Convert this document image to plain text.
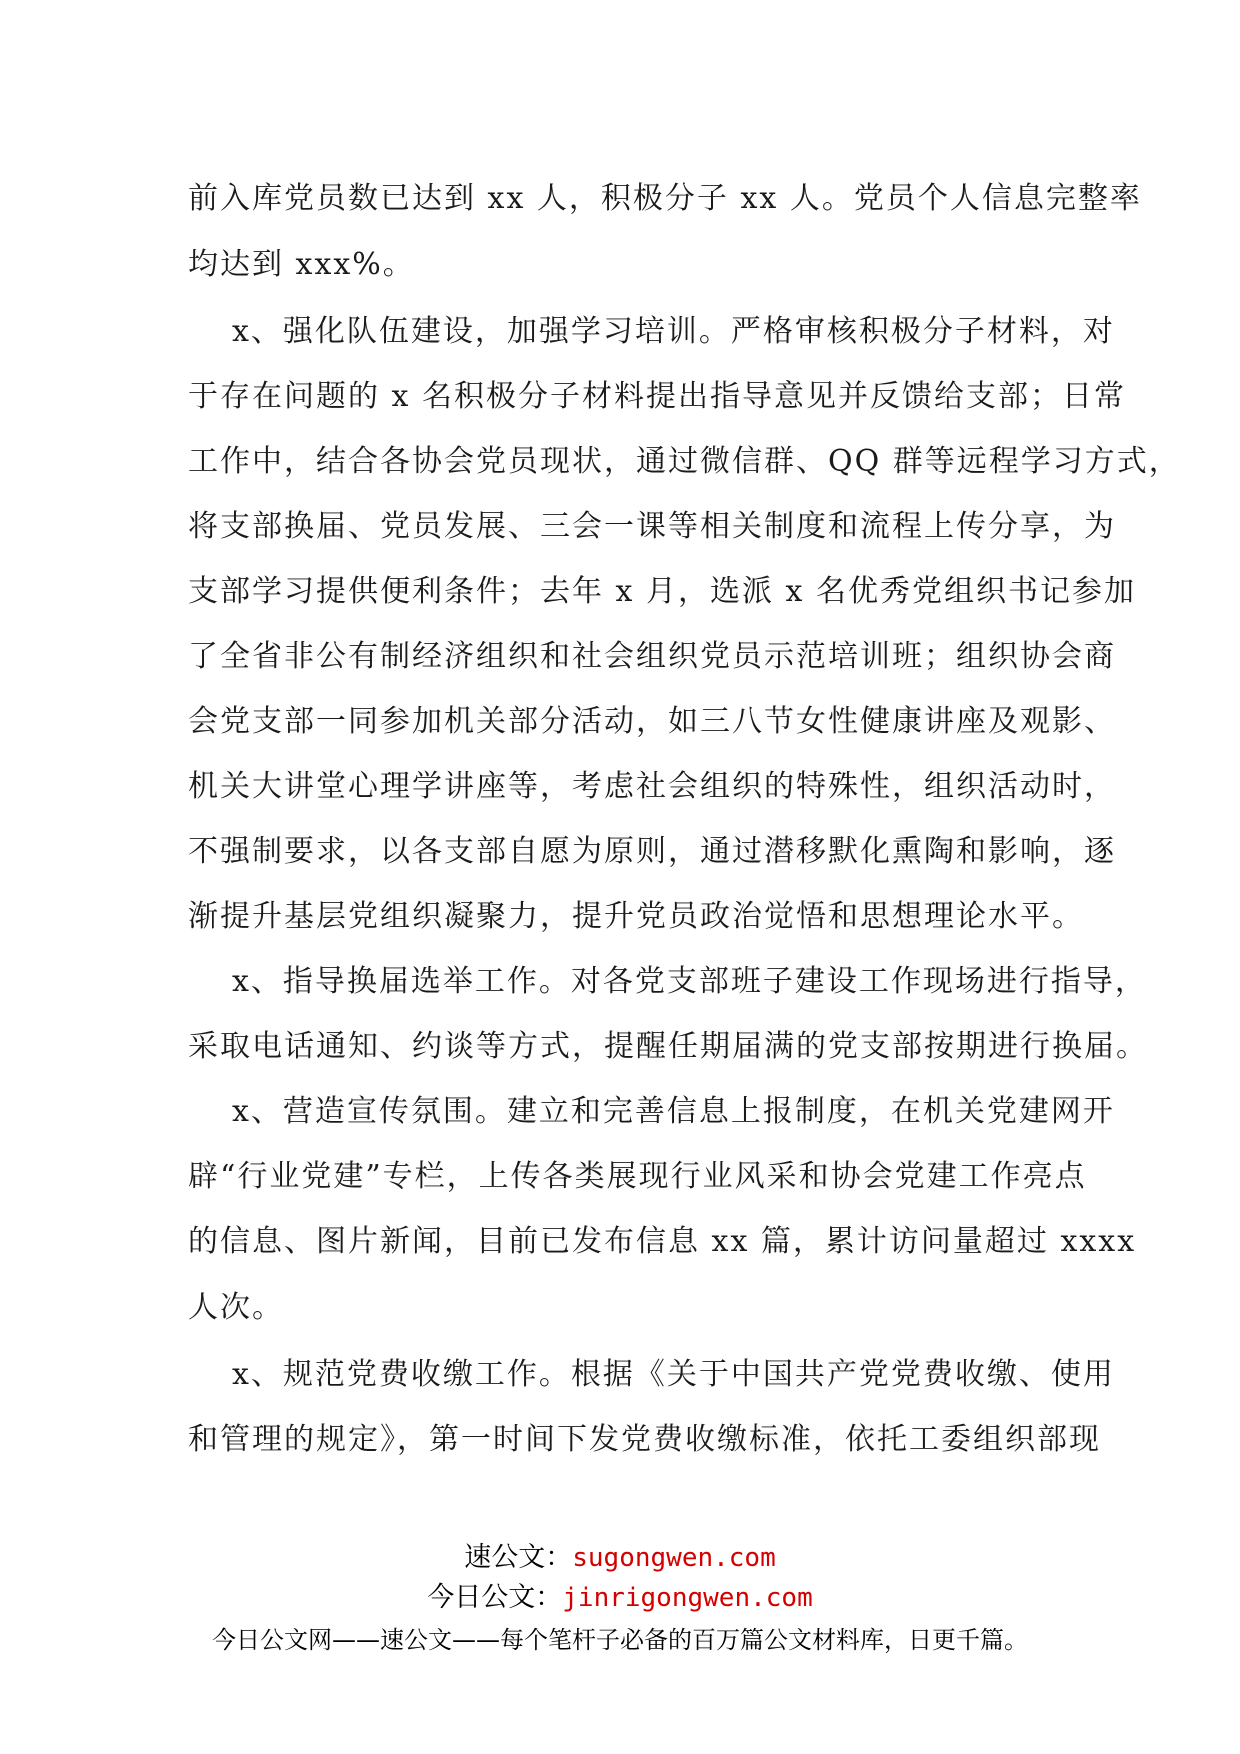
前入库党员数已达到 xx 人，积极分子 xx 人。党员个人信息完整率
均达到 xxx%。
x、强化队伍建设，加强学习培训。严格审核积极分子材料，对
于存在问题的 x 名积极分子材料提出指导意见并反馈给支部；日常
工作中，结合各协会党员现状，通过微信群、QQ 群等远程学习方式，
将支部换届、党员发展、三会一课等相关制度和流程上传分享，为
支部学习提供便利条件；去年 x 月，选派 x 名优秀党组织书记参加
了全省非公有制经济组织和社会组织党员示范培训班；组织协会商
会党支部一同参加机关部分活动，如三八节女性健康讲座及观影、
机关大讲堂心理学讲座等，考虑社会组织的特殊性，组织活动时，
不强制要求，以各支部自愿为原则，通过潜移默化熏陶和影响，逐
渐提升基层党组织凝聚力，提升党员政治觉悟和思想理论水平。
x、指导换届选举工作。对各党支部班子建设工作现场进行指导，
采取电话通知、约谈等方式，提醒任期届满的党支部按期进行换届。
x、营造宣传氛围。建立和完善信息上报制度，在机关党建网开
辟“行业党建”专栏，上传各类展现行业风采和协会党建工作亮点
的信息、图片新闻，目前已发布信息 xx 篇，累计访问量超过 xxxx
人次。
x、规范党费收缴工作。根据《关于中国共产党党费收缴、使用
和管理的规定》，第一时间下发党费收缴标准，依托工委组织部现
速公文：sugongwen.com
今日公文：jinrigongwen.com
今日公文网——速公文——每个笔杆子必备的百万篇公文材料库，日更千篇。
